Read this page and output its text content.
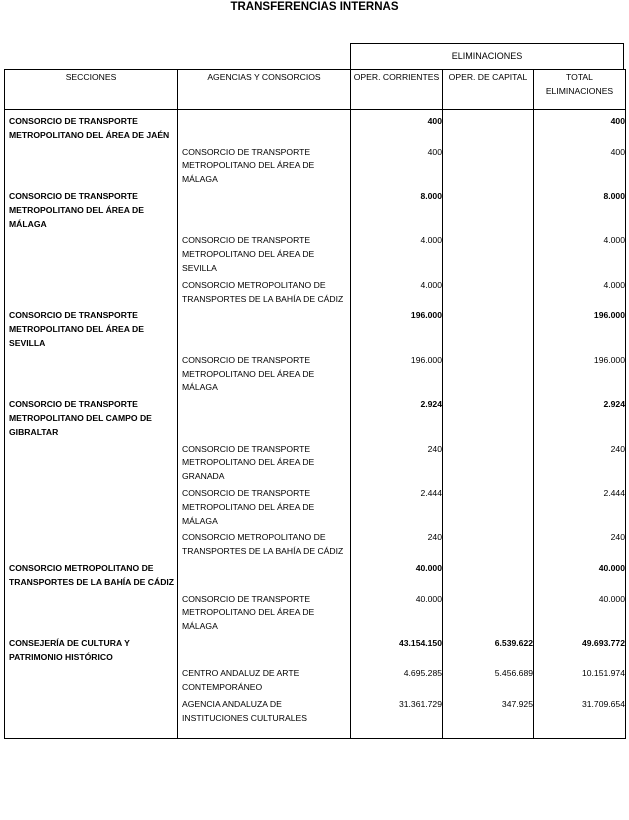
TRANSFERENCIAS INTERNAS
ELIMINACIONES
SECCIONES	AGENCIAS Y CONSORCIOS	OPER. CORRIENTES	OPER. DE CAPITAL	TOTAL ELIMINACIONES
CONSORCIO DE TRANSPORTE METROPOLITANO DEL ÁREA DE JAÉN		400		400
	CONSORCIO DE TRANSPORTE METROPOLITANO DEL ÁREA DE MÁLAGA	400		400
CONSORCIO DE TRANSPORTE METROPOLITANO DEL ÁREA DE MÁLAGA		8.000		8.000
	CONSORCIO DE TRANSPORTE METROPOLITANO DEL ÁREA DE SEVILLA	4.000		4.000
	CONSORCIO METROPOLITANO DE TRANSPORTES DE LA BAHÍA DE CÁDIZ	4.000		4.000
CONSORCIO DE TRANSPORTE METROPOLITANO DEL ÁREA DE SEVILLA		196.000		196.000
	CONSORCIO DE TRANSPORTE METROPOLITANO DEL ÁREA DE MÁLAGA	196.000		196.000
CONSORCIO DE TRANSPORTE METROPOLITANO DEL CAMPO DE GIBRALTAR		2.924		2.924
	CONSORCIO DE TRANSPORTE METROPOLITANO DEL ÁREA DE GRANADA	240		240
	CONSORCIO DE TRANSPORTE METROPOLITANO DEL ÁREA DE MÁLAGA	2.444		2.444
	CONSORCIO METROPOLITANO DE TRANSPORTES DE LA BAHÍA DE CÁDIZ	240		240
CONSORCIO METROPOLITANO DE TRANSPORTES DE LA BAHÍA DE CÁDIZ		40.000		40.000
	CONSORCIO DE TRANSPORTE METROPOLITANO DEL ÁREA DE MÁLAGA	40.000		40.000
CONSEJERÍA DE CULTURA Y PATRIMONIO HISTÓRICO		43.154.150	6.539.622	49.693.772
	CENTRO ANDALUZ DE ARTE CONTEMPORÁNEO	4.695.285	5.456.689	10.151.974
	AGENCIA ANDALUZA DE INSTITUCIONES CULTURALES	31.361.729	347.925	31.709.654
